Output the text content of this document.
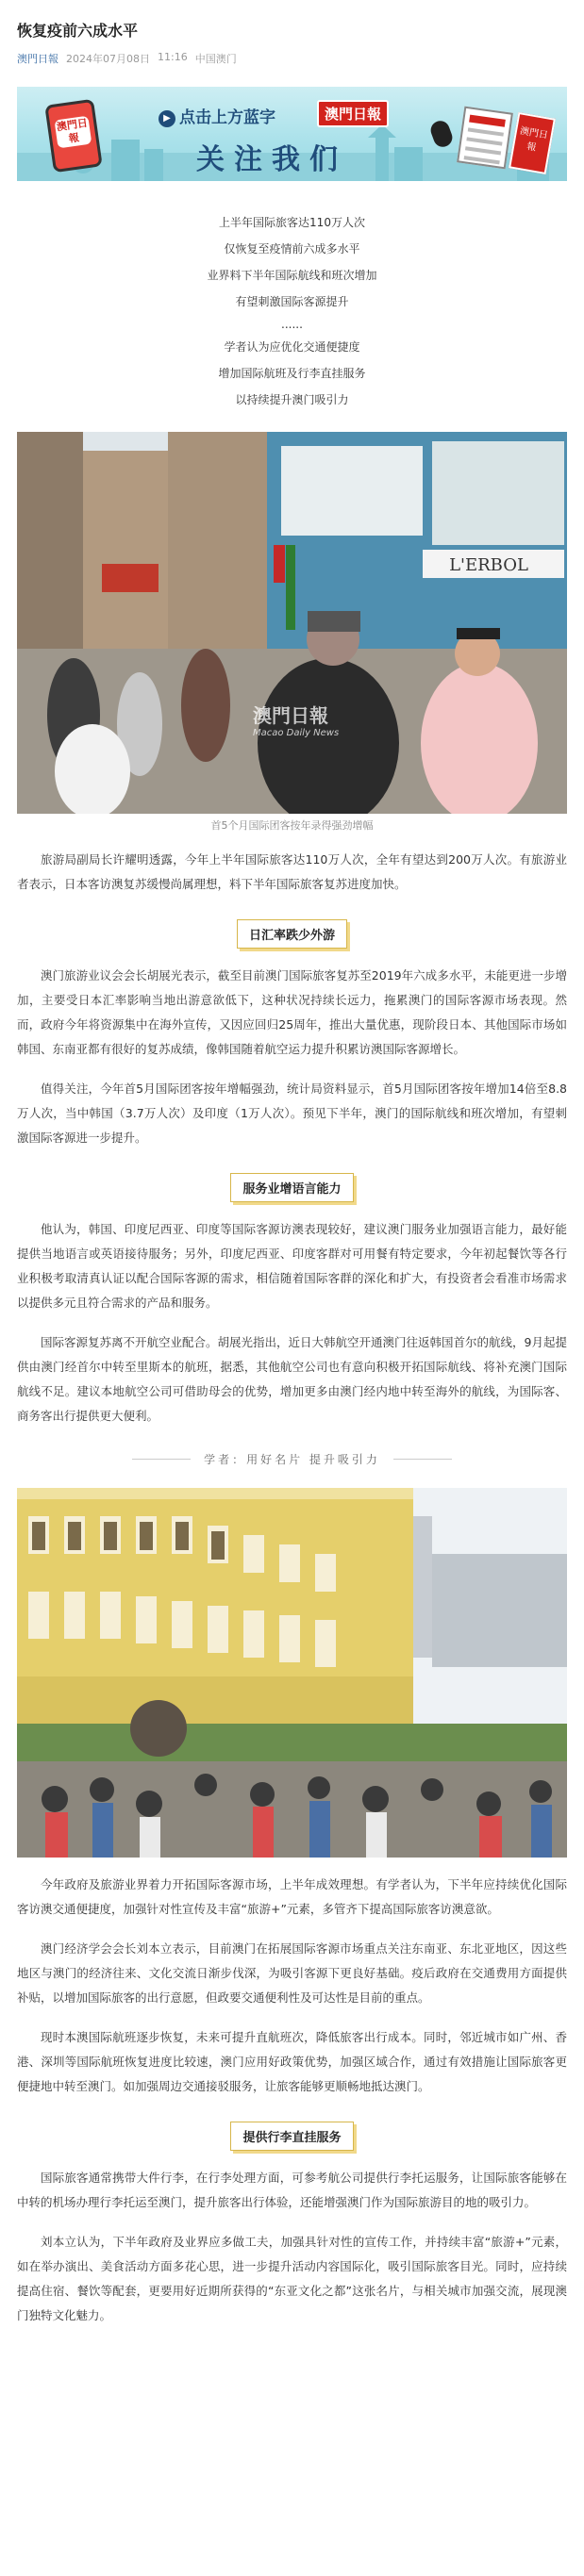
恢复疫前六成水平
澳門日報 2024年07月08日 11:16 中国澳门
澳門日報
▶ 点击上方蓝字	澳門日報
关注我们
澳門日報

上半年国际旅客达110万人次

仅恢复至疫情前六成多水平

业界料下半年国际航线和班次增加

有望刺激国际客源提升

......

学者认为应优化交通便捷度

增加国际航班及行李直挂服务

以持续提升澳门吸引力

L'ERBOL
澳門日報
Macao Daily News

首5个月国际团客按年录得强劲增幅

旅游局副局长许耀明透露，今年上半年国际旅客达110万人次，全年有望达到200万人次。有旅游业者表示，日本客访澳复苏缓慢尚属理想，料下半年国际旅客复苏进度加快。

日汇率跌少外游

澳门旅游业议会会长胡展光表示，截至目前澳门国际旅客复苏至2019年六成多水平，未能更进一步增加，主要受日本汇率影响当地出游意欲低下，这种状况持续长远力，拖累澳门的国际客源市场表现。然而，政府今年将资源集中在海外宣传，又因应回归25周年，推出大量优惠，现阶段日本、其他国际市场如韩国、东南亚都有很好的复苏成绩，像韩国随着航空运力提升积累访澳国际客源增长。

值得关注，今年首5月国际团客按年增幅强劲，统计局资料显示，首5月国际团客按年增加14倍至8.8万人次，当中韩国（3.7万人次）及印度（1万人次）。预见下半年，澳门的国际航线和班次增加，有望刺激国际客源进一步提升。

服务业增语言能力

他认为，韩国、印度尼西亚、印度等国际客源访澳表现较好，建议澳门服务业加强语言能力，最好能提供当地语言或英语接待服务；另外，印度尼西亚、印度客群对可用餐有特定要求，今年初起餐饮等各行业积极考取清真认证以配合国际客源的需求，相信随着国际客群的深化和扩大，有投资者会看准市场需求以提供多元且符合需求的产品和服务。

国际客源复苏离不开航空业配合。胡展光指出，近日大韩航空开通澳门往返韩国首尔的航线，9月起提供由澳门经首尔中转至里斯本的航班，据悉，其他航空公司也有意向积极开拓国际航线、将补充澳门国际航线不足。建议本地航空公司可借助母会的优势，增加更多由澳门经内地中转至海外的航线，为国际客、商务客出行提供更大便利。

学者：用好名片 提升吸引力

今年政府及旅游业界着力开拓国际客源市场，上半年成效理想。有学者认为，下半年应持续优化国际客访澳交通便捷度，加强针对性宣传及丰富“旅游+”元素，多管齐下提高国际旅客访澳意欲。

澳门经济学会会长刘本立表示，目前澳门在拓展国际客源市场重点关注东南亚、东北亚地区，因这些地区与澳门的经济往来、文化交流日渐步伐深，为吸引客源下更良好基础。疫后政府在交通费用方面提供补贴，以增加国际旅客的出行意愿，但政要交通便利性及可达性是目前的重点。

现时本澳国际航班逐步恢复，未来可提升直航班次，降低旅客出行成本。同时，邻近城市如广州、香港、深圳等国际航班恢复进度比较速，澳门应用好政策优势，加强区域合作，通过有效措施让国际旅客更便捷地中转至澳门。如加强周边交通接驳服务，让旅客能够更顺畅地抵达澳门。

提供行李直挂服务

国际旅客通常携带大件行李，在行李处理方面，可参考航公司提供行李托运服务，让国际旅客能够在中转的机场办理行李托运至澳门，提升旅客出行体验，还能增强澳门作为国际旅游目的地的吸引力。

刘本立认为，下半年政府及业界应多做工夫，加强具针对性的宣传工作，并持续丰富“旅游+”元素，如在举办演出、美食活动方面多花心思，进一步提升活动内容国际化，吸引国际旅客目光。同时，应持续提高住宿、餐饮等配套，更要用好近期所获得的“东亚文化之都”这张名片，与相关城市加强交流，展现澳门独特文化魅力。
